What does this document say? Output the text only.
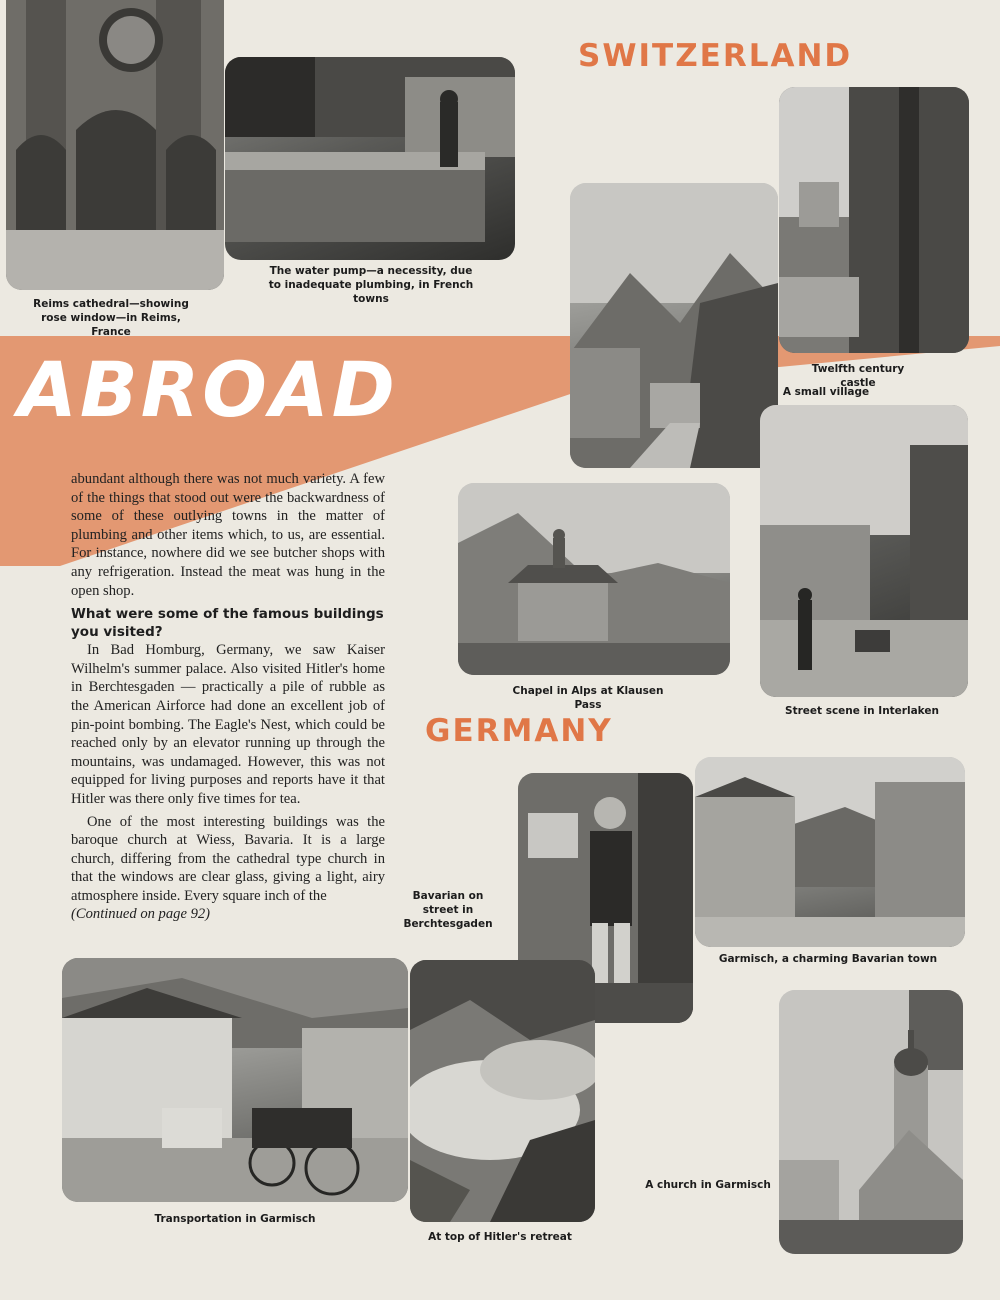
ABROAD
SWITZERLAND
GERMANY
Reims cathedral—showing rose window—in Reims, France
The water pump—a necessity, due to inadequate plumbing, in French towns
A small village
Twelfth century castle
Chapel in Alps at Klausen Pass	Street scene in Interlaken
Bavarian on street in Berchtesgaden
Garmisch, a charming Bavarian town
Transportation in Garmisch
At top of Hitler's retreat
A church in Garmisch

abundant although there was not much variety. A few of the things that stood out were the backwardness of some of these outlying towns in the matter of plumbing and other items which, to us, are essential. For instance, nowhere did we see butcher shops with any refrigeration. Instead the meat was hung in the open shop.

What were some of the famous buildings you visited?

In Bad Homburg, Germany, we saw Kaiser Wilhelm's summer palace. Also visited Hitler's home in Berchtesgaden — practically a pile of rubble as the American Airforce had done an excellent job of pin-point bombing. The Eagle's Nest, which could be reached only by an elevator running up through the mountains, was undamaged. However, this was not equipped for living purposes and reports have it that Hitler was there only five times for tea.

One of the most interesting buildings was the baroque church at Wiess, Bavaria. It is a large church, differing from the cathedral type church in that the windows are clear glass, giving a light, airy atmosphere inside. Every square inch of the

(Continued on page 92)
